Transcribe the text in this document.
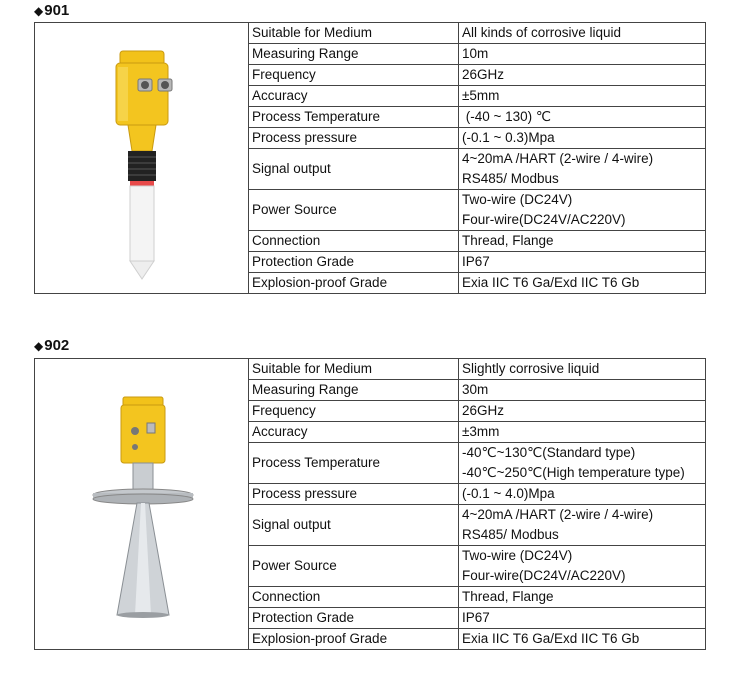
◆901
	Suitable for Medium	All kinds of corrosive liquid

	Measuring Range	10m

	Frequency	26GHz

	Accuracy	±5mm

	Process Temperature	(-40 ~ 130) ℃

	Process pressure	(-0.1 ~ 0.3)Mpa

	Signal output	4~20mA /HART (2-wire / 4-wire)
RS485/ Modbus

	Power Source	Two-wire (DC24V)
Four-wire(DC24V/AC220V)

	Connection	Thread, Flange

	Protection Grade	IP67

	Explosion-proof Grade	Exia IIC T6 Ga/Exd IIC T6 Gb
◆902
	Suitable for Medium	Slightly corrosive liquid

	Measuring Range	30m

	Frequency	26GHz

	Accuracy	±3mm

	Process Temperature	-40℃~130℃(Standard type)
-40℃~250℃(High temperature type)

	Process pressure	(-0.1 ~ 4.0)Mpa

	Signal output	4~20mA /HART (2-wire / 4-wire)
RS485/ Modbus

	Power Source	Two-wire (DC24V)
Four-wire(DC24V/AC220V)

	Connection	Thread, Flange

	Protection Grade	IP67

	Explosion-proof Grade	Exia IIC T6 Ga/Exd IIC T6 Gb
